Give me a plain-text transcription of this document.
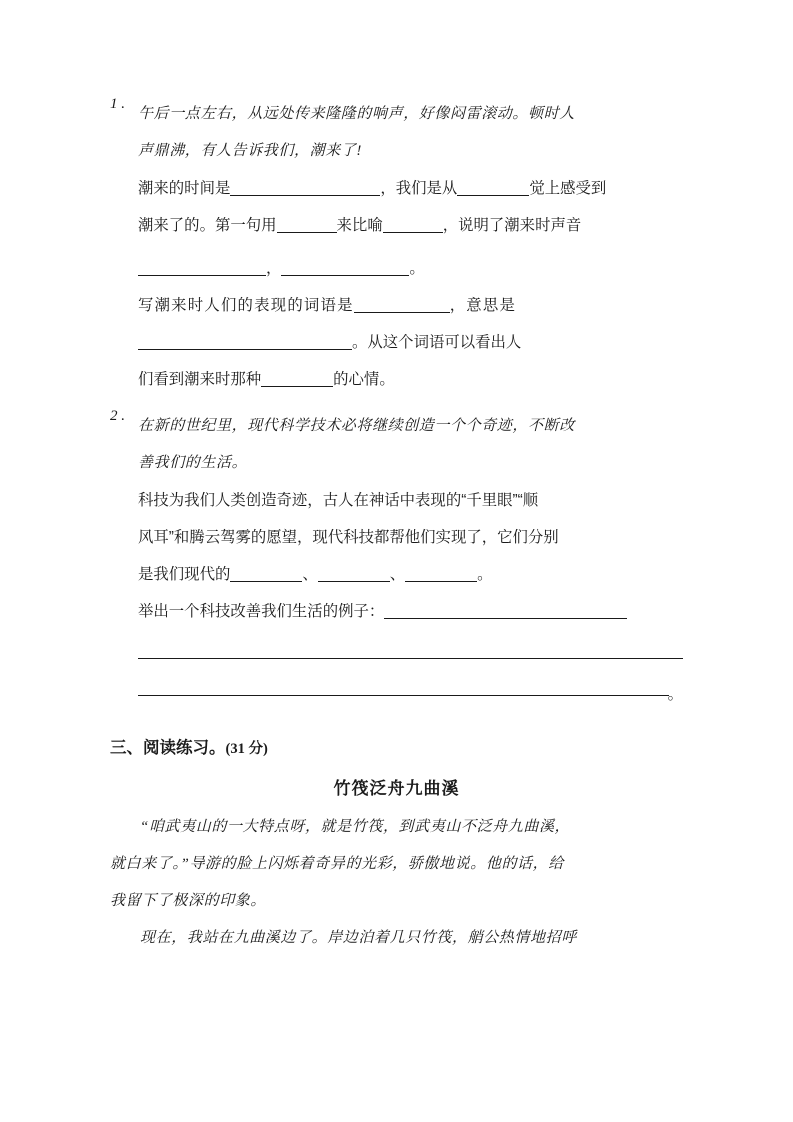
1 .
午后一点左右，从远处传来隆隆的响声，好像闷雷滚动。顿时人
声鼎沸，有人告诉我们，潮来了!
潮来的时间是	，我们是从	觉上感受到
潮来了的。第一句用	来比喻	，说明了潮来时声音
，	。
写潮来时人们的表现的词语是	，意思是
。从这个词语可以看出人
们看到潮来时那种	的心情。
2 .
在新的世纪里，现代科学技术必将继续创造一个个奇迹，不断改
善我们的生活。
科技为我们人类创造奇迹，古人在神话中表现的“千里眼”“顺
风耳”和腾云驾雾的愿望，现代科技都帮他们实现了，它们分别
是我们现代的	、	、	。
举出一个科技改善我们生活的例子：
。
三、阅读练习。(31 分)
竹筏泛舟九曲溪
“咱武夷山的一大特点呀，就是竹筏，到武夷山不泛舟九曲溪，
就白来了。”导游的脸上闪烁着奇异的光彩，骄傲地说。他的话，给
我留下了极深的印象。
现在，我站在九曲溪边了。岸边泊着几只竹筏，艄公热情地招呼
